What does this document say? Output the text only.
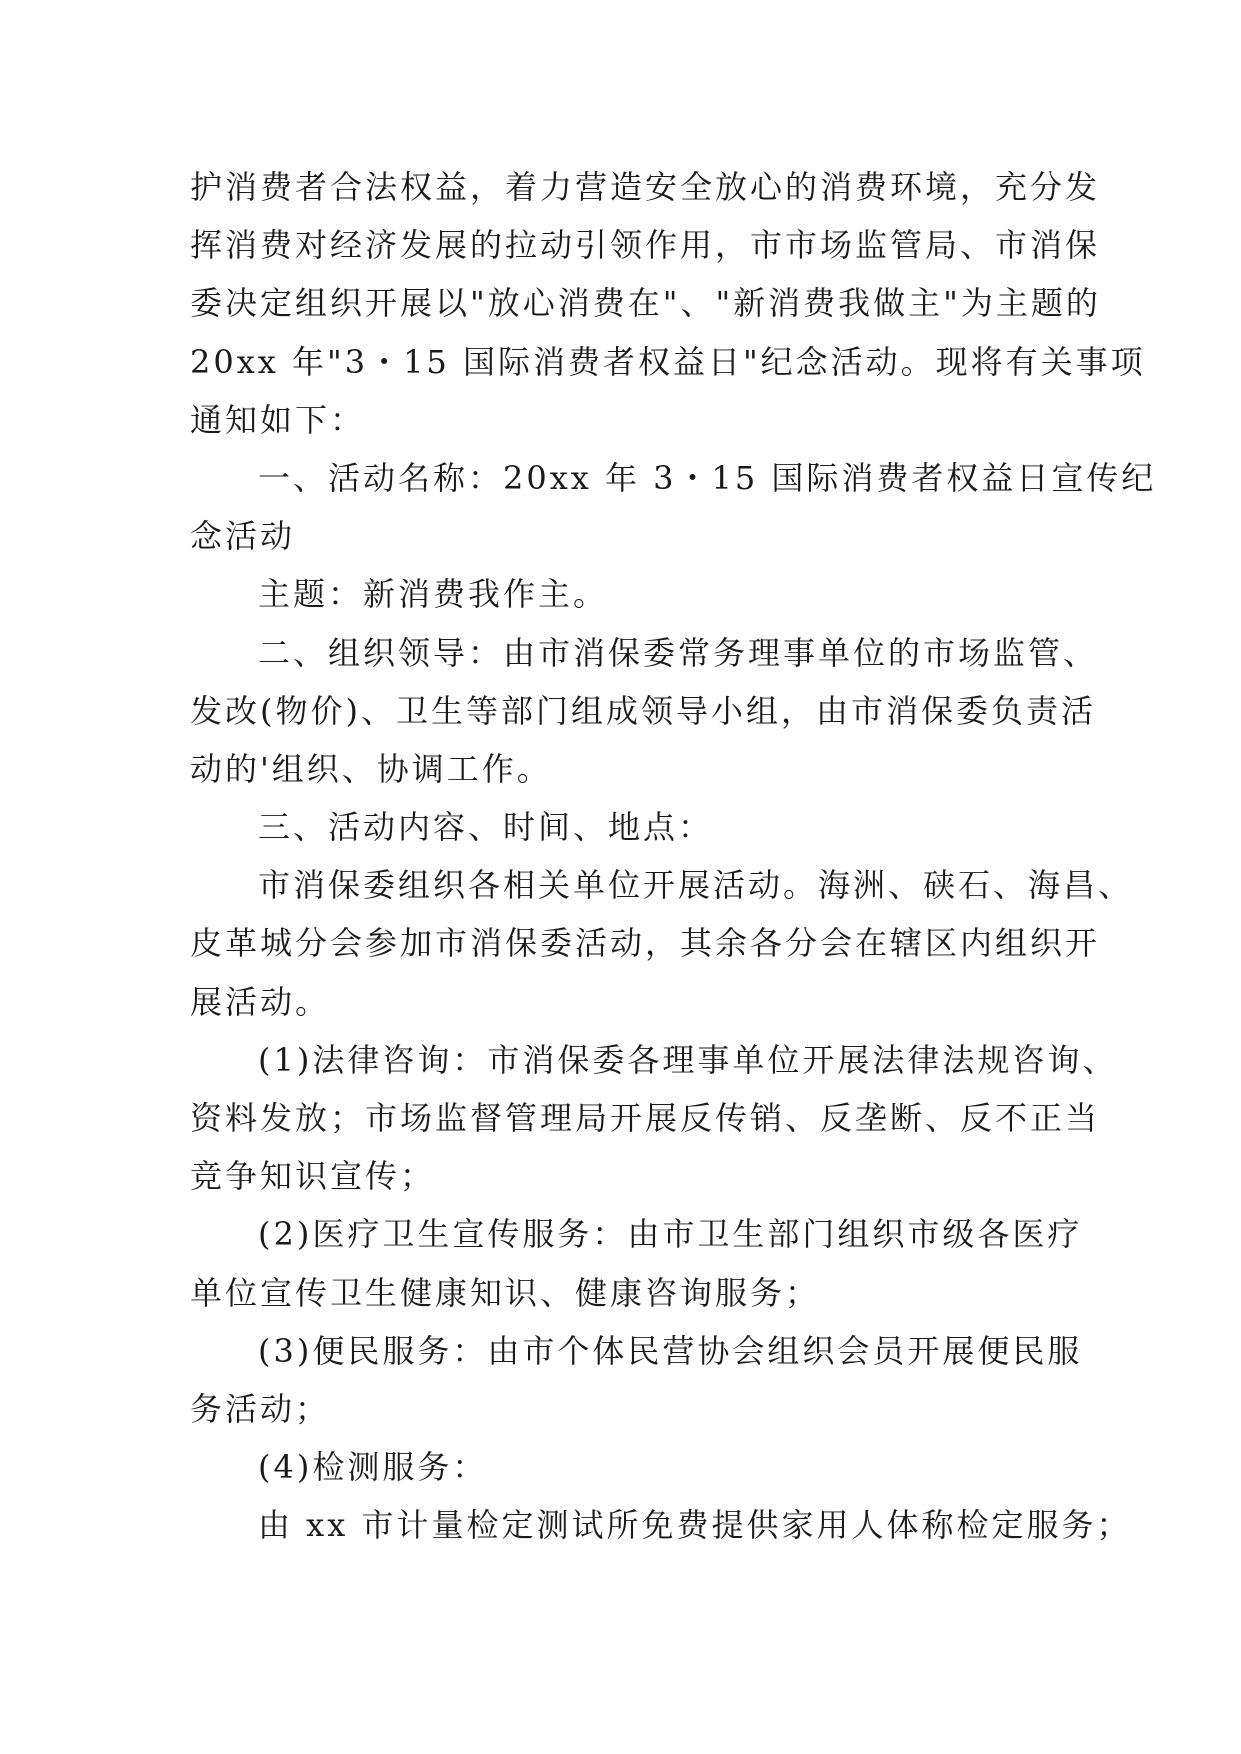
护消费者合法权益，着力营造安全放心的消费环境，充分发
挥消费对经济发展的拉动引领作用，市市场监管局、市消保
委决定组织开展以"放心消费在"、"新消费我做主"为主题的
20xx 年"3・15 国际消费者权益日"纪念活动。现将有关事项
通知如下：
一、活动名称：20xx 年 3・15 国际消费者权益日宣传纪
念活动
主题：新消费我作主。
二、组织领导：由市消保委常务理事单位的市场监管、
发改(物价)、卫生等部门组成领导小组，由市消保委负责活
动的'组织、协调工作。
三、活动内容、时间、地点：
市消保委组织各相关单位开展活动。海洲、硖石、海昌、
皮革城分会参加市消保委活动，其余各分会在辖区内组织开
展活动。
(1)法律咨询：市消保委各理事单位开展法律法规咨询、
资料发放；市场监督管理局开展反传销、反垄断、反不正当
竞争知识宣传；
(2)医疗卫生宣传服务：由市卫生部门组织市级各医疗
单位宣传卫生健康知识、健康咨询服务；
(3)便民服务：由市个体民营协会组织会员开展便民服
务活动；
(4)检测服务：
由 xx 市计量检定测试所免费提供家用人体称检定服务；
